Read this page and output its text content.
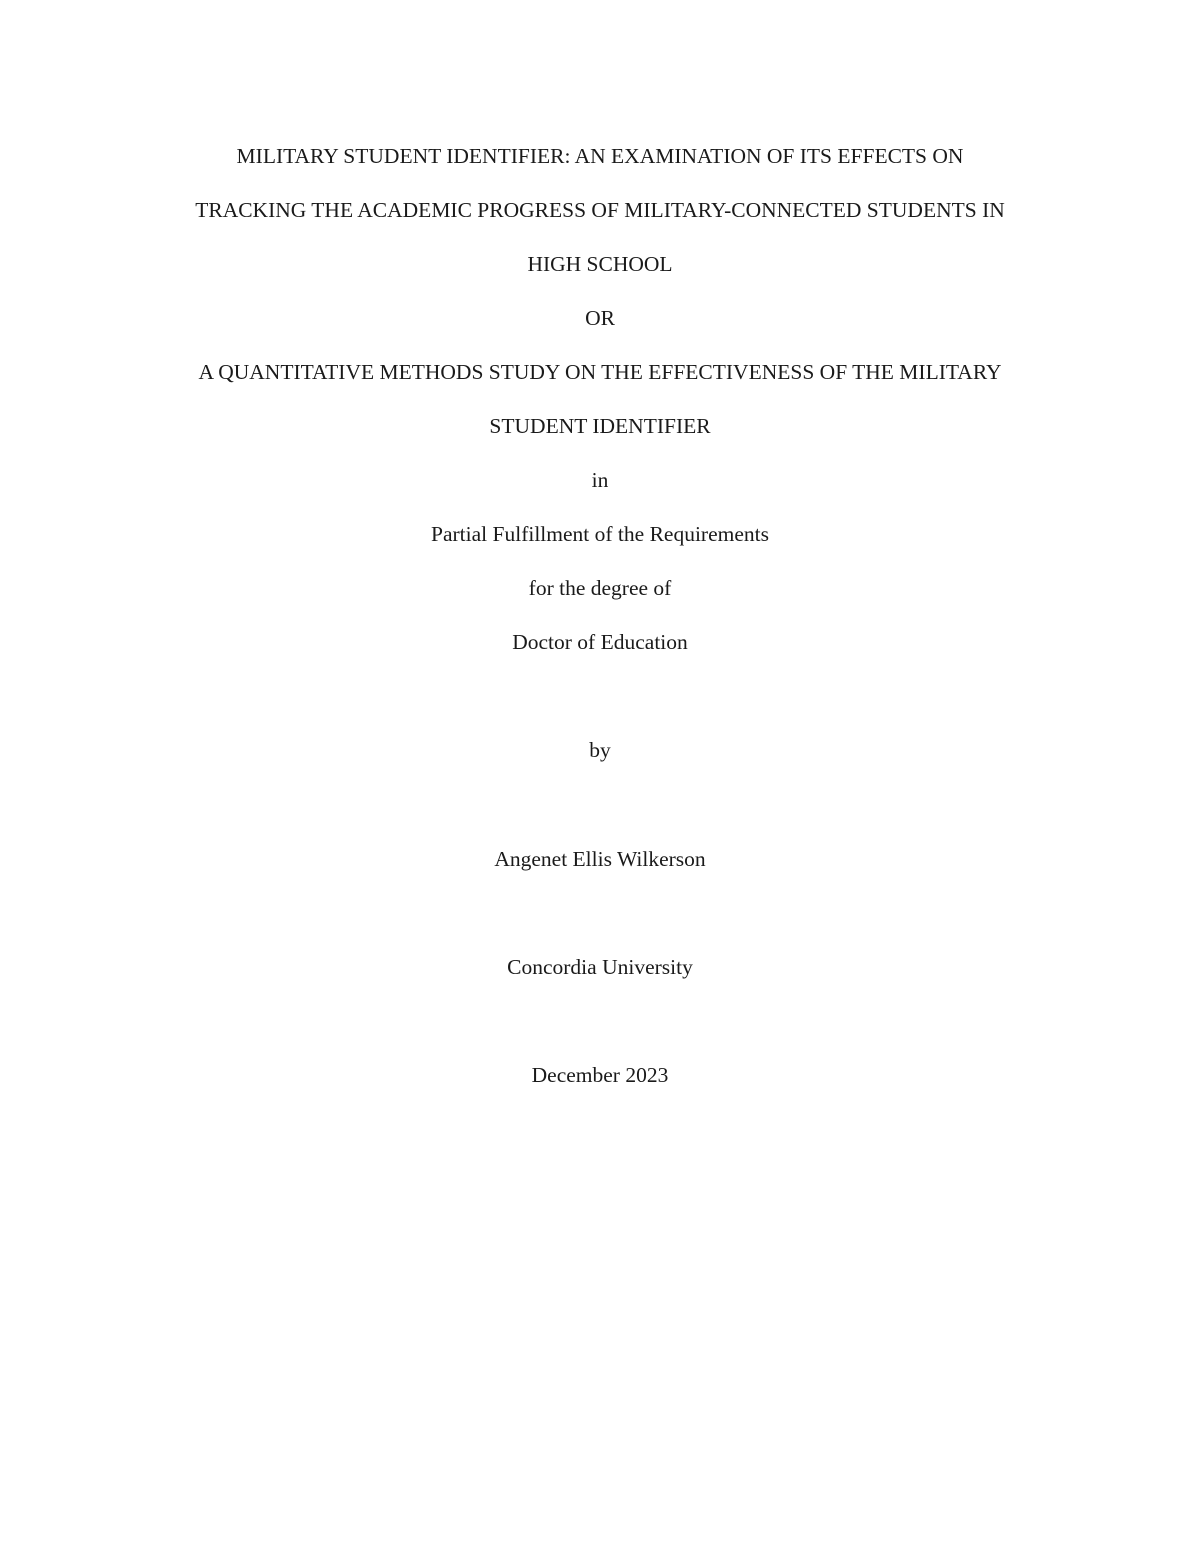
MILITARY STUDENT IDENTIFIER: AN EXAMINATION OF ITS EFFECTS ON
TRACKING THE ACADEMIC PROGRESS OF MILITARY-CONNECTED STUDENTS IN
HIGH SCHOOL
OR
A QUANTITATIVE METHODS STUDY ON THE EFFECTIVENESS OF THE MILITARY
STUDENT IDENTIFIER
in
Partial Fulfillment of the Requirements
for the degree of
Doctor of Education
by
Angenet Ellis Wilkerson
Concordia University
December 2023
